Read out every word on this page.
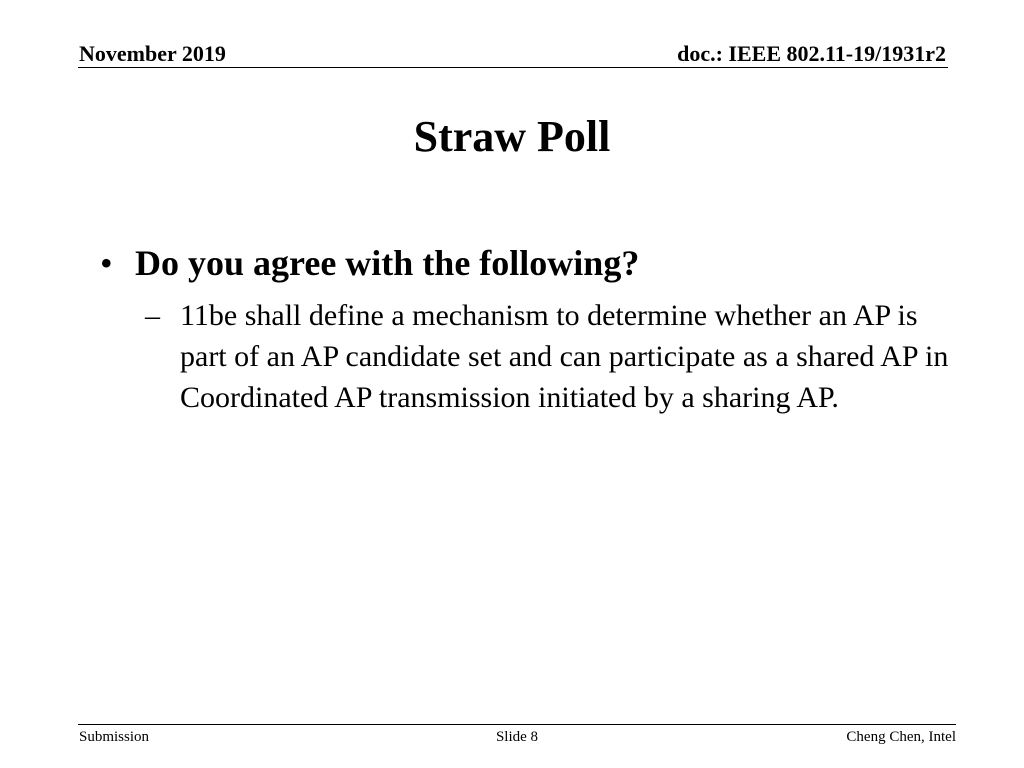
November 2019	doc.: IEEE 802.11-19/1931r2
Straw Poll
• Do you agree with the following?
– 11be shall define a mechanism to determine whether an AP is part of an AP candidate set and can participate as a shared AP in Coordinated AP transmission initiated by a sharing AP.
Submission	Slide 8	Cheng Chen, Intel
